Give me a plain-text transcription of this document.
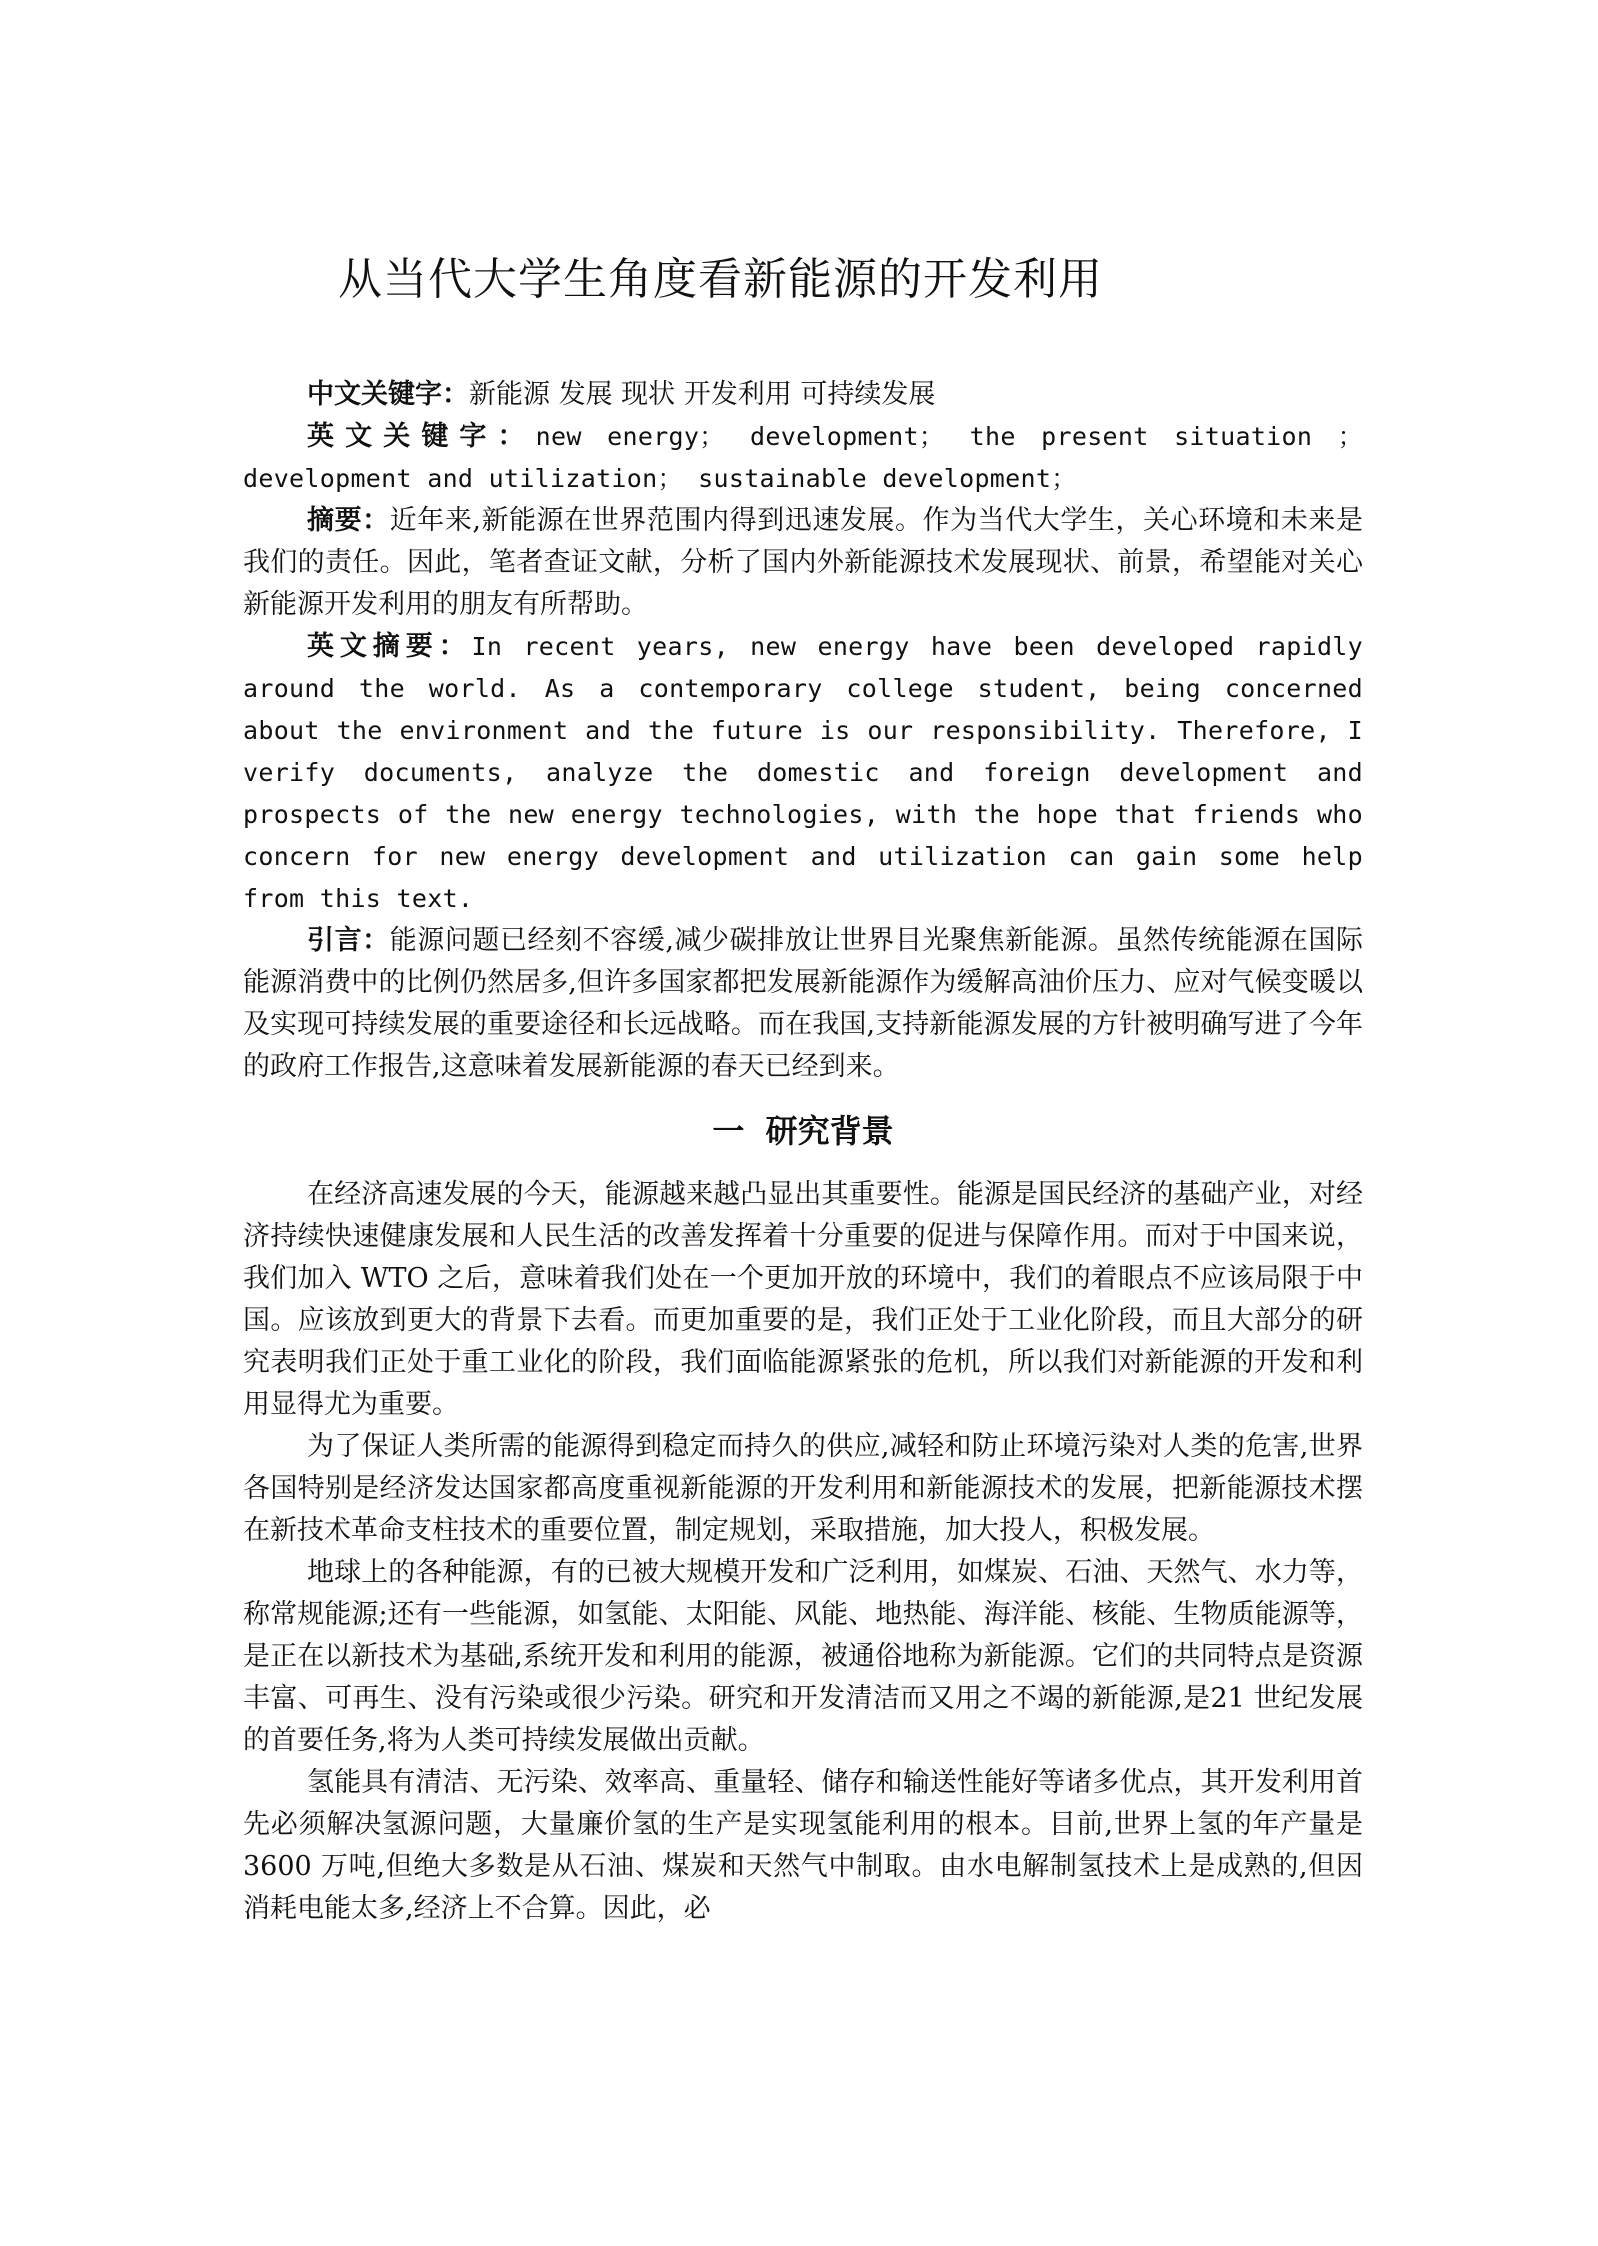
从当代大学生角度看新能源的开发利用

中文关键字：新能源 发展 现状 开发利用 可持续发展

英文关键字：new energy； development； the present situation ； development and utilization； sustainable development；

摘要：近年来,新能源在世界范围内得到迅速发展。作为当代大学生，关心环境和未来是我们的责任。因此，笔者查证文献，分析了国内外新能源技术发展现状、前景，希望能对关心新能源开发利用的朋友有所帮助。

英文摘要：In recent years, new energy have been developed rapidly around the world. As a contemporary college student, being concerned about the environment and the future is our responsibility. Therefore, I verify documents, analyze the domestic and foreign development and prospects of the new energy technologies, with the hope that friends who concern for new energy development and utilization can gain some help from this text.

引言：能源问题已经刻不容缓,减少碳排放让世界目光聚焦新能源。虽然传统能源在国际能源消费中的比例仍然居多,但许多国家都把发展新能源作为缓解高油价压力、应对气候变暖以及实现可持续发展的重要途径和长远战略。而在我国,支持新能源发展的方针被明确写进了今年的政府工作报告,这意味着发展新能源的春天已经到来。

一 研究背景

在经济高速发展的今天，能源越来越凸显出其重要性。能源是国民经济的基础产业，对经济持续快速健康发展和人民生活的改善发挥着十分重要的促进与保障作用。而对于中国来说，我们加入 WTO 之后，意味着我们处在一个更加开放的环境中，我们的着眼点不应该局限于中国。应该放到更大的背景下去看。而更加重要的是，我们正处于工业化阶段，而且大部分的研究表明我们正处于重工业化的阶段，我们面临能源紧张的危机，所以我们对新能源的开发和利用显得尤为重要。

为了保证人类所需的能源得到稳定而持久的供应,减轻和防止环境污染对人类的危害,世界各国特别是经济发达国家都高度重视新能源的开发利用和新能源技术的发展，把新能源技术摆在新技术革命支柱技术的重要位置，制定规划，采取措施，加大投人，积极发展。

地球上的各种能源，有的已被大规模开发和广泛利用，如煤炭、石油、天然气、水力等，称常规能源;还有一些能源，如氢能、太阳能、风能、地热能、海洋能、核能、生物质能源等，是正在以新技术为基础,系统开发和利用的能源，被通俗地称为新能源。它们的共同特点是资源丰富、可再生、没有污染或很少污染。研究和开发清洁而又用之不竭的新能源,是21 世纪发展的首要任务,将为人类可持续发展做出贡献。

氢能具有清洁、无污染、效率高、重量轻、储存和输送性能好等诸多优点，其开发利用首先必须解决氢源问题，大量廉价氢的生产是实现氢能利用的根本。目前,世界上氢的年产量是3600 万吨,但绝大多数是从石油、煤炭和天然气中制取。由水电解制氢技术上是成熟的,但因消耗电能太多,经济上不合算。因此，必
